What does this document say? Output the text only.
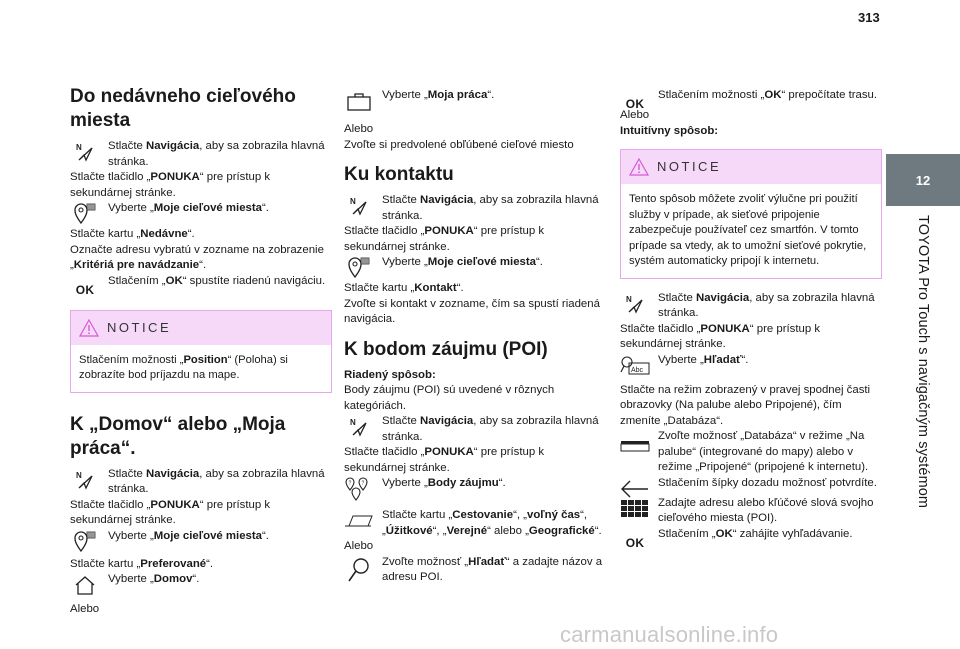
313
12
TOYOTA Pro Touch s navigačným systémom
Do nedávneho cieľového miesta
N Stlačte Navigácia, aby sa zobrazila hlavná stránka.
Stlačte tlačidlo „PONUKA“ pre prístup k sekundárnej stránke.
Vyberte „Moje cieľové miesta“.
Stlačte kartu „Nedávne“.
Označte adresu vybratú v zozname na zobrazenie „Kritériá pre navádzanie“.
OK
Stlačením „OK“ spustíte riadenú navigáciu.
NOTICE
Stlačením možnosti „Position“ (Poloha) si zobrazíte bod príjazdu na mape.
K „Domov“ alebo „Moja práca“.
N Stlačte Navigácia, aby sa zobrazila hlavná stránka.
Stlačte tlačidlo „PONUKA“ pre prístup k sekundárnej stránke.
Vyberte „Moje cieľové miesta“.
Stlačte kartu „Preferované“.
Vyberte „Domov“.
Alebo
Vyberte „Moja práca“.
Alebo
Zvoľte si predvolené obľúbené cieľové miesto
Ku kontaktu
N Stlačte Navigácia, aby sa zobrazila hlavná stránka.
Stlačte tlačidlo „PONUKA“ pre prístup k sekundárnej stránke.
Vyberte „Moje cieľové miesta“.
Stlačte kartu „Kontakt“.
Zvoľte si kontakt v zozname, čím sa spustí riadená navigácia.
K bodom záujmu (POI)
Riadený spôsob:
Body záujmu (POI) sú uvedené v rôznych kategóriách.
N Stlačte Navigácia, aby sa zobrazila hlavná stránka.
Stlačte tlačidlo „PONUKA“ pre prístup k sekundárnej stránke.
? ? Vyberte „Body záujmu“.
Stlačte kartu „Cestovanie“, „voľný čas“, „Úžitkové“, „Verejné“ alebo „Geografické“.
Alebo
Zvoľte možnosť „Hľadať“ a zadajte názov a adresu POI.
OK
Stlačením možnosti „OK“ prepočítate trasu.
Alebo
Intuitívny spôsob:
NOTICE
Tento spôsob môžete zvoliť výlučne pri použití služby v prípade, ak sieťové pripojenie zabezpečuje používateľ cez smartfón. V tomto prípade sa vtedy, ak to umožní sieťové pokrytie, systém automaticky pripojí k internetu.
N Stlačte Navigácia, aby sa zobrazila hlavná stránka.
Stlačte tlačidlo „PONUKA“ pre prístup k sekundárnej stránke.
Abc
Vyberte „Hľadať“.
Stlačte na režim zobrazený v pravej spodnej časti obrazovky (Na palube alebo Pripojené), čím zmeníte „Databáza“.
Zvoľte možnosť „Databáza“ v režime „Na palube“ (integrované do mapy) alebo v režime „Pripojené“ (pripojené k internetu).
Stlačením šípky dozadu možnosť potvrdíte.
Zadajte adresu alebo kľúčové slová svojho cieľového miesta (POI).
OK
Stlačením „OK“ zahájite vyhľadávanie.
carmanualsonline.info
